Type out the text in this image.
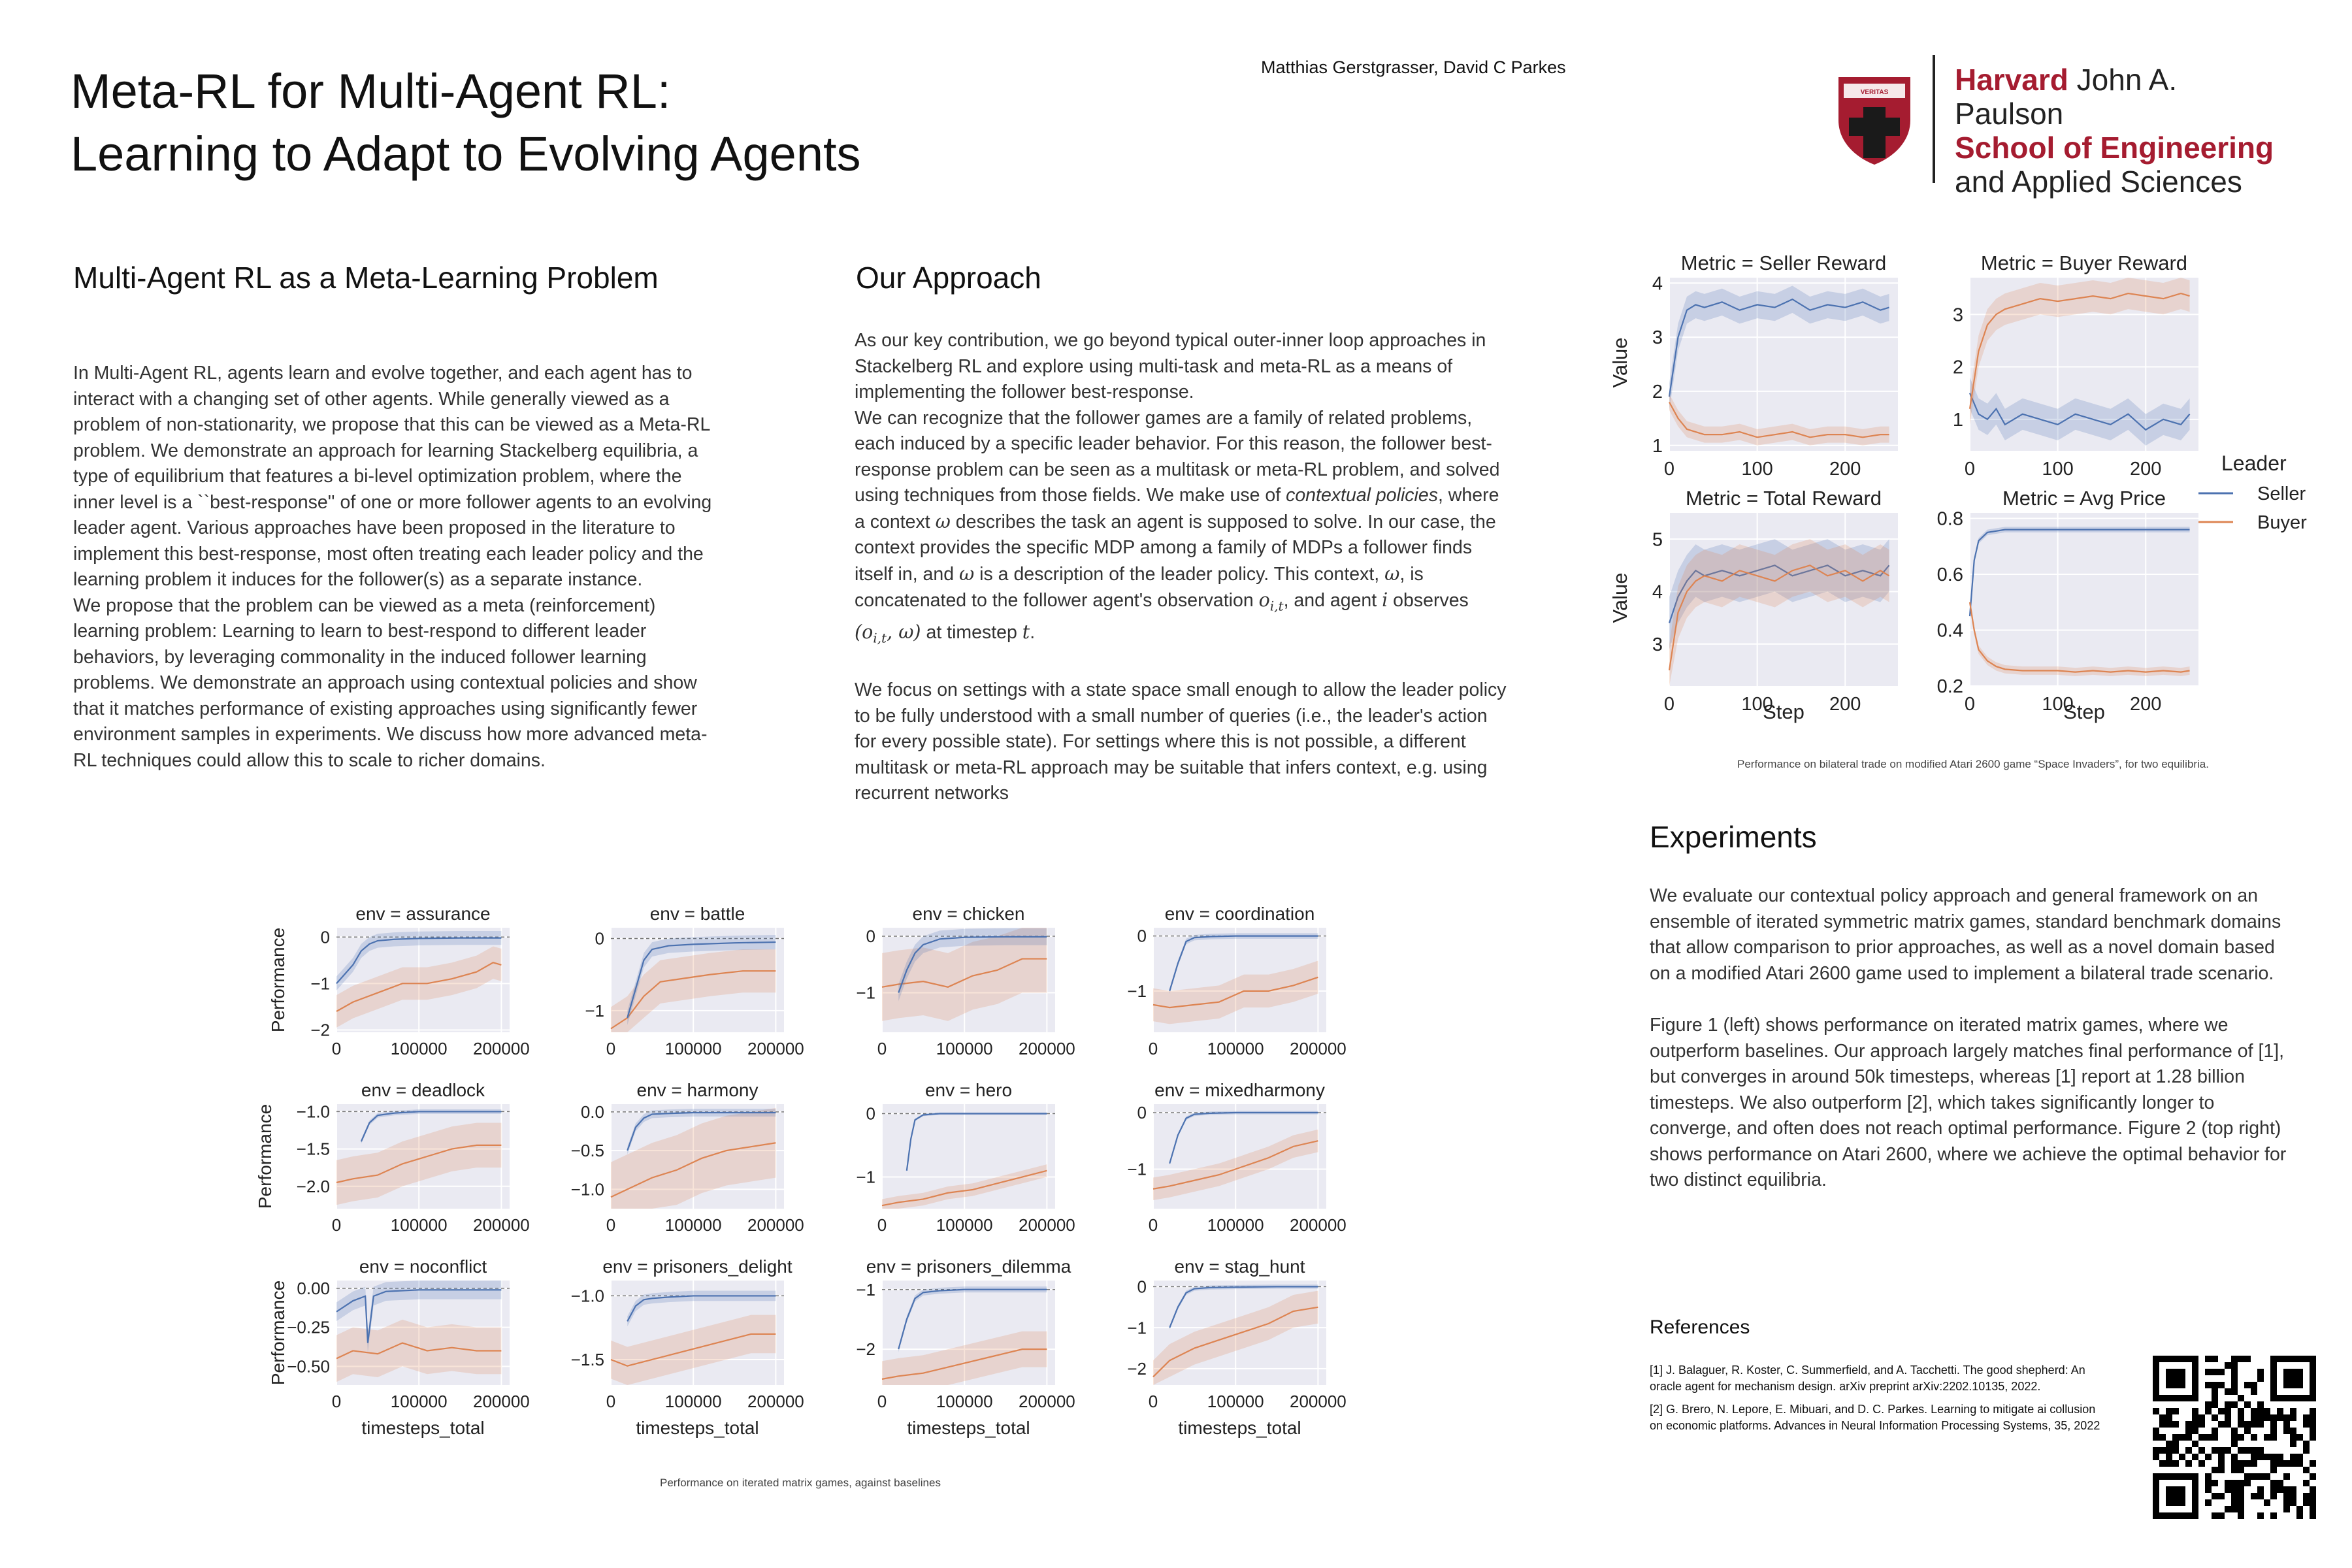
Meta-RL for Multi-Agent RL:
Learning to Adapt to Evolving Agents
Matthias Gerstgrasser, David C Parkes
VERITAS Harvard John A. Paulson
School of Engineering
and Applied Sciences
Multi-Agent RL as a Meta-Learning Problem

In Multi-Agent RL, agents learn and evolve together, and each agent has to interact with a changing set of other agents. While generally viewed as a problem of non-stationarity, we propose that this can be viewed as a Meta-RL problem. We demonstrate an approach for learning Stackelberg equilibria, a type of equilibrium that features a bi-level optimization problem, where the inner level is a ``best-response'' of one or more follower agents to an evolving leader agent. Various approaches have been proposed in the literature to implement this best-response, most often treating each leader policy and the learning problem it induces for the follower(s) as a separate instance.

We propose that the problem can be viewed as a meta (reinforcement) learning problem: Learning to learn to best-respond to different leader behaviors, by leveraging commonality in the induced follower learning problems. We demonstrate an approach using contextual policies and show that it matches performance of existing approaches using significantly fewer environment samples in experiments. We discuss how more advanced meta-RL techniques could allow this to scale to richer domains.

Our Approach

As our key contribution, we go beyond typical outer-inner loop approaches in Stackelberg RL and explore using multi-task and meta-RL as a means of implementing the follower best-response.

We can recognize that the follower games are a family of related problems, each induced by a specific leader behavior. For this reason, the follower best-response problem can be seen as a multitask or meta-RL problem, and solved using techniques from those fields. We make use of contextual policies, where a context ω describes the task an agent is supposed to solve. In our case, the context provides the specific MDP among a family of MDPs a follower finds itself in, and ω is a description of the leader policy. This context, ω, is concatenated to the follower agent's observation $o_{i,t}$, and agent i observes ($o_{i,t}$, ω) at timestep t.

We focus on settings with a state space small enough to allow the leader policy to be fully understood with a small number of queries (i.e., the leader's action for every possible state). For settings where this is not possible, a different multitask or meta-RL approach may be suitable that infers context, e.g. using recurrent networks

0	100	200
1
2
3
4
Metric = Seller Reward
0	100	200
1
2
3
Metric = Buyer Reward
0	100	200
3
4
5
Metric = Total Reward
0	100	200
0.2
0.4
0.6
0.8
Metric = Avg Price
Value
Value
Step	Step
Leader
Seller
Buyer
Performance on bilateral trade on modified Atari 2600 game “Space Invaders”, for two equilibria.
Experiments

We evaluate our contextual policy approach and general framework on an ensemble of iterated symmetric matrix games, standard benchmark domains that allow comparison to prior approaches, as well as a novel domain based on a modified Atari 2600 game used to implement a bilateral trade scenario.

Figure 1 (left) shows performance on iterated matrix games, where we outperform baselines. Our approach largely matches final performance of [1], but converges in around 50k timesteps, whereas [1] report at 1.28 billion timesteps. We also outperform [2], which takes significantly longer to converge, and often does not reach optimal performance. Figure 2 (top right) shows performance on Atari 2600, where we achieve the optimal behavior for two distinct equilibria.

References
[1] J. Balaguer, R. Koster, C. Summerfield, and A. Tacchetti. The good shepherd: An oracle agent for mechanism design. arXiv preprint arXiv:2202.10135, 2022.
[2] G. Brero, N. Lepore, E. Mibuari, and D. C. Parkes. Learning to mitigate ai collusion on economic platforms. Advances in Neural Information Processing Systems, 35, 2022
0	100000 200000
0
−1
−2
env = assurance
0	100000 200000
0
−1
env = battle
0	100000 200000
0
−1
env = chicken
0	100000 200000
0
−1
env = coordination
0	100000 200000
−1.0
−1.5
−2.0
env = deadlock
0	100000 200000
0.0
−0.5
−1.0
env = harmony
0	100000 200000
0
−1
env = hero
0	100000 200000
0
−1
env = mixedharmony
0	100000 200000
0.00
−0.25
−0.50
env = noconflict
0	100000 200000
−1.0
−1.5
env = prisoners_delight
0	100000 200000
−1
−2
env = prisoners_dilemma
0	100000 200000
0
−1
−2
env = stag_hunt
Performance
Performance
Performance
timesteps_total	timesteps_total	timesteps_total	timesteps_total
Performance on iterated matrix games, against baselines
